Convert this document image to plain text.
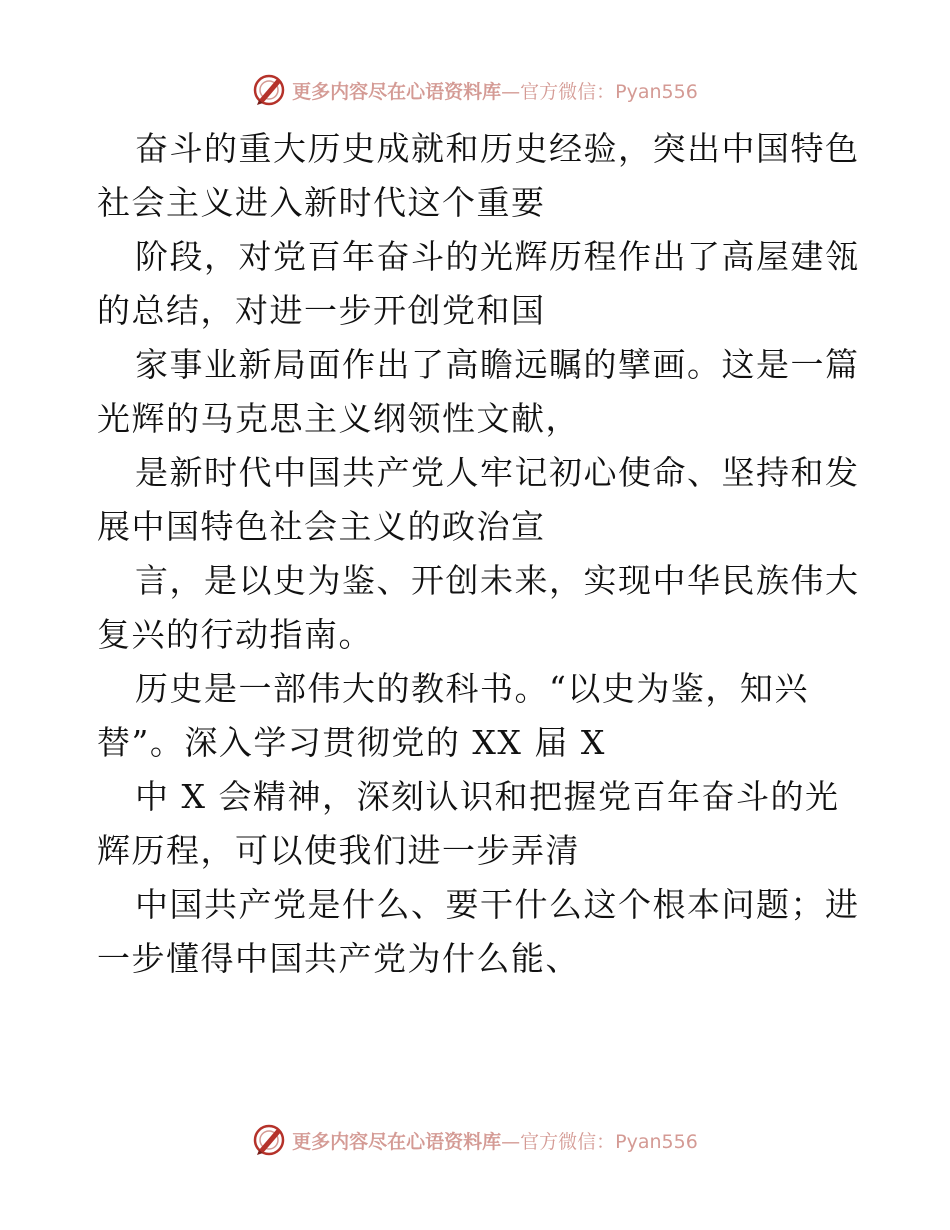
更多内容尽在心语资料库 —官方微信：Pyan556
奋斗的重大历史成就和历史经验，突出中国特色
社会主义进入新时代这个重要
阶段，对党百年奋斗的光辉历程作出了高屋建瓴
的总结，对进一步开创党和国
家事业新局面作出了高瞻远瞩的擘画。这是一篇
光辉的马克思主义纲领性文献，
是新时代中国共产党人牢记初心使命、坚持和发
展中国特色社会主义的政治宣
言，是以史为鉴、开创未来，实现中华民族伟大
复兴的行动指南。
历史是一部伟大的教科书。“以史为鉴，知兴
替”。深入学习贯彻党的 XX 届 X
中 X 会精神，深刻认识和把握党百年奋斗的光
辉历程，可以使我们进一步弄清
中国共产党是什么、要干什么这个根本问题；进
一步懂得中国共产党为什么能、
更多内容尽在心语资料库 —官方微信：Pyan556
